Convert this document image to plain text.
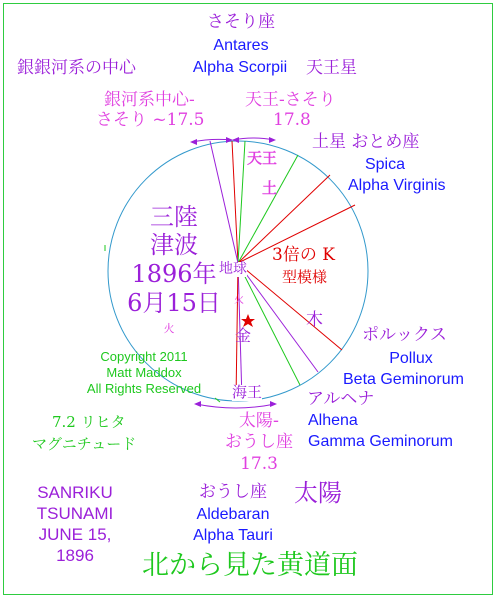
さそり座
Antares
Alpha Scorpii
銀銀河系の中心	天王星
銀河系中心-
さそり ~17.5
天王-さそり
17.8
土星 おとめ座
Spica
Alpha Virginis
天王
土
地球
火
金
木
海王
3倍の K
型模様
三陸
津波
1896年
6月15日
火
Copyright 2011
Matt Maddox
All Rights Reserved
ポルックス
Pollux
Beta Geminorum
アルヘナ
Alhena
Gamma Geminorum
太陽-
おうし座
17.3
7.2 リヒタ
マグニチュード
SANRIKU
TSUNAMI
JUNE 15,
1896
おうし座
Aldebaran
Alpha Tauri
太陽
北から見た黄道面
